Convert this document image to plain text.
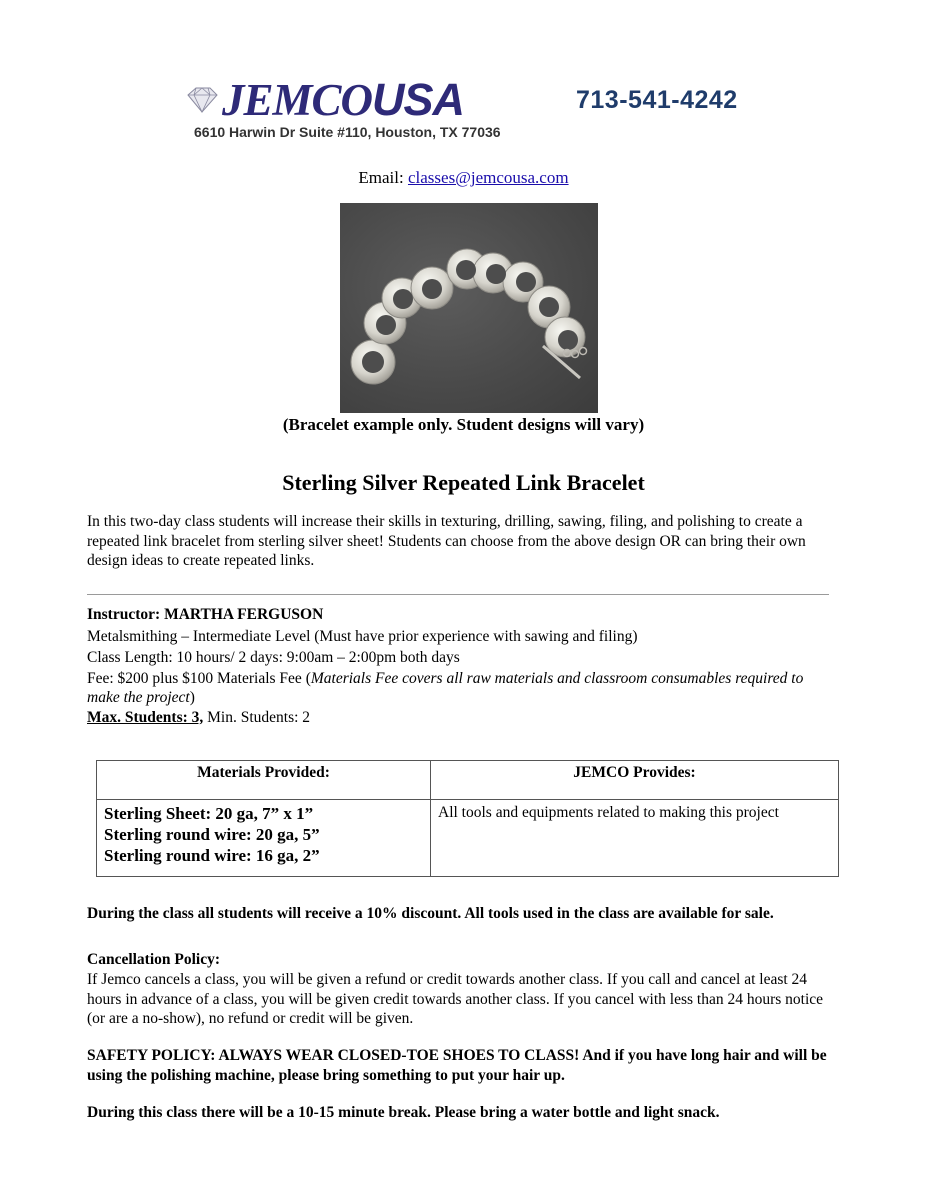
JEMCOUSA
6610 Harwin Dr Suite #110, Houston, TX 77036
713-541-4242
Email: classes@jemcousa.com
(Bracelet example only. Student designs will vary)
Sterling Silver Repeated Link Bracelet
In this two-day class students will increase their skills in texturing, drilling, sawing, filing, and polishing to create a repeated link bracelet from sterling silver sheet! Students can choose from the above design OR can bring their own design ideas to create repeated links.
Instructor: MARTHA FERGUSON
Metalsmithing – Intermediate Level (Must have prior experience with sawing and filing)
Class Length: 10 hours/ 2 days: 9:00am – 2:00pm both days
Fee: $200 plus $100 Materials Fee (Materials Fee covers all raw materials and classroom consumables required to make the project)
Max. Students: 3, Min. Students: 2
Materials Provided:	JEMCO Provides:

Sterling Sheet: 20 ga, 7” x 1”
Sterling round wire: 20 ga, 5”
Sterling round wire: 16 ga, 2”	All tools and equipments related to making this project
During the class all students will receive a 10% discount. All tools used in the class are available for sale.
Cancellation Policy:
If Jemco cancels a class, you will be given a refund or credit towards another class. If you call and cancel at least 24 hours in advance of a class, you will be given credit towards another class. If you cancel with less than 24 hours notice (or are a no-show), no refund or credit will be given.
SAFETY POLICY: ALWAYS WEAR CLOSED-TOE SHOES TO CLASS! And if you have long hair and will be using the polishing machine, please bring something to put your hair up.
During this class there will be a 10-15 minute break. Please bring a water bottle and light snack.
